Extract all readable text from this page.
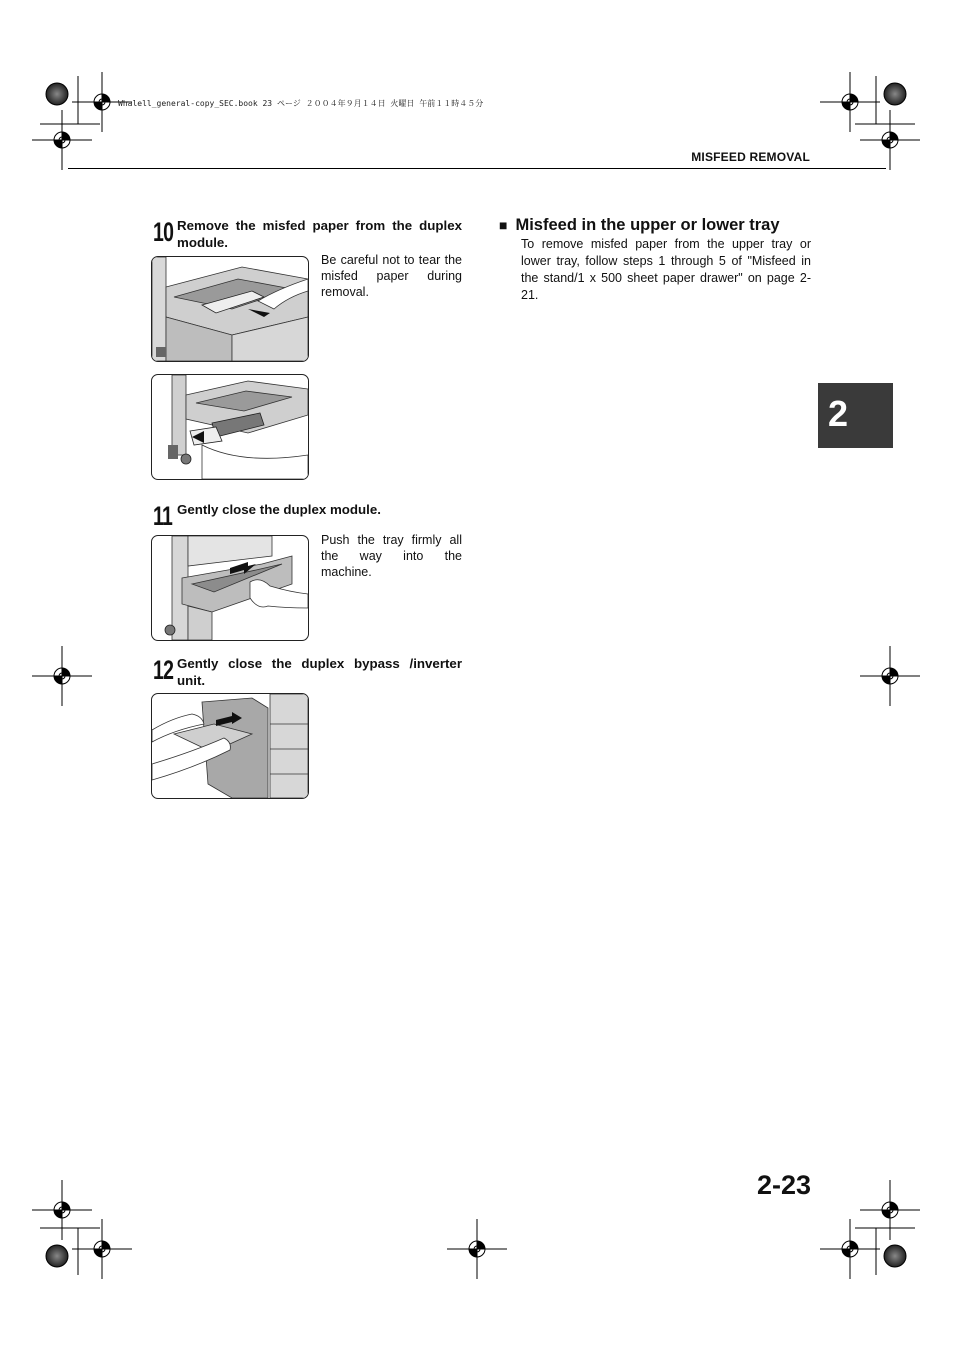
Whalell_general-copy_SEC.book 23 ページ ２００４年９月１４日 火曜日 午前１１時４５分
MISFEED REMOVAL
10 Remove the misfed paper from the duplex module.
Be careful not to tear the misfed paper during removal.
11 Gently close the duplex module.
Push the tray firmly all the way into the machine.
12 Gently close the duplex bypass /inverter unit.
■ Misfeed in the upper or lower tray
To remove misfed paper from the upper tray or lower tray, follow steps 1 through 5 of "Misfeed in the stand/1 x 500 sheet paper drawer" on page 2-21.
2
2-23
